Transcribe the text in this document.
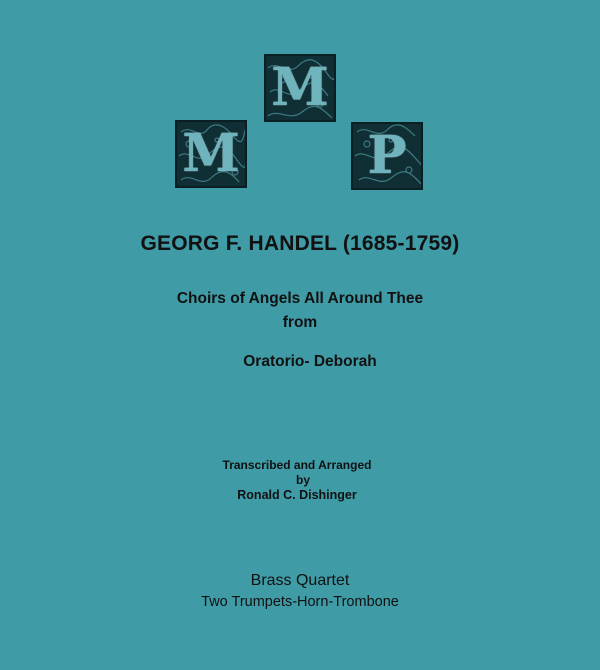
M
M
P
GEORG F. HANDEL (1685-1759)
Choirs of Angels All Around Thee
from
Oratorio- Deborah
Transcribed and Arranged
by
Ronald C. Dishinger
Brass Quartet
Two Trumpets-Horn-Trombone
